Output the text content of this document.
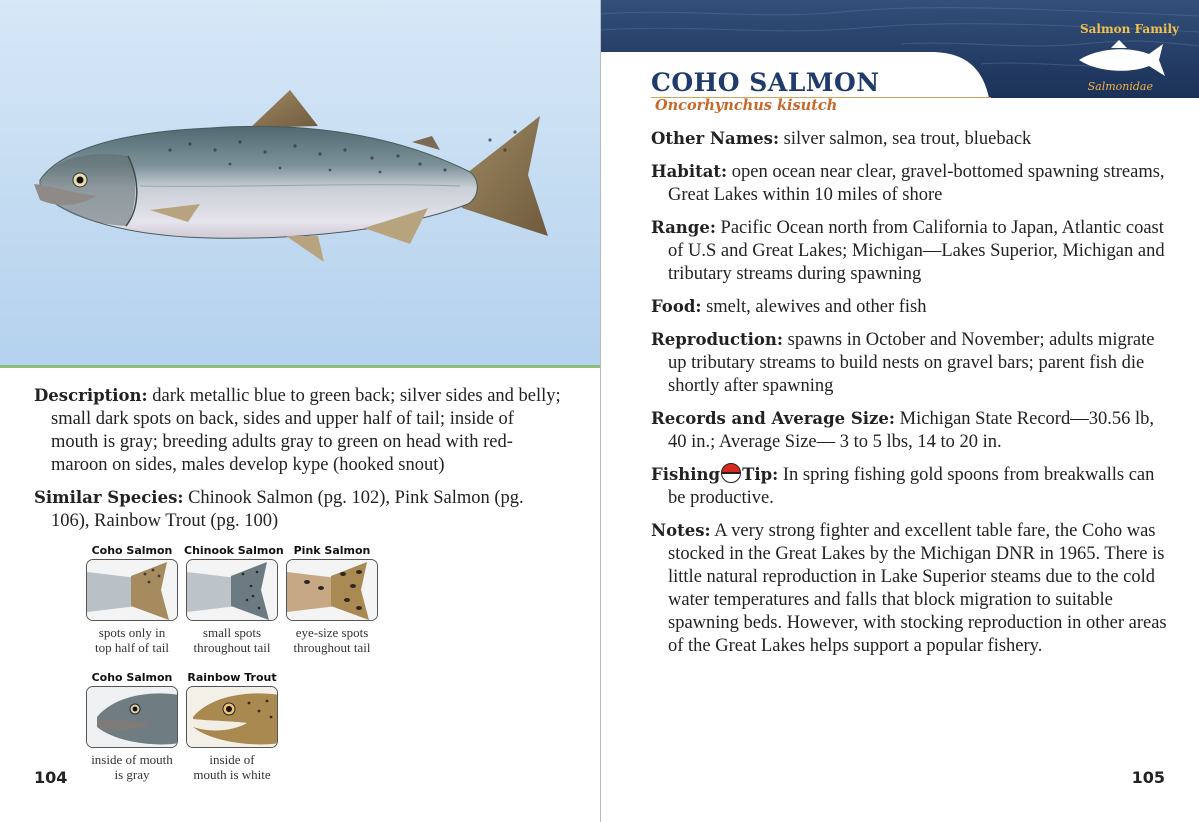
Description: dark metallic blue to green back; silver sides and belly; small dark spots on back, sides and upper half of tail; inside of mouth is gray; breeding adults gray to green on head with red-maroon on sides, males develop kype (hooked snout)

Similar Species: Chinook Salmon (pg. 102), Pink Salmon (pg. 106), Rainbow Trout (pg. 100)

Coho Salmon
spots only in
top half of tail
Chinook Salmon
small spots
throughout tail
Pink Salmon
eye-size spots
throughout tail
Coho Salmon
inside of mouth
is gray
Rainbow Trout
inside of
mouth is white
104
Salmon Family
Salmonidae
COHO SALMON
Oncorhynchus kisutch

Other Names: silver salmon, sea trout, blueback

Habitat: open ocean near clear, gravel-bottomed spawning streams, Great Lakes within 10 miles of shore

Range: Pacific Ocean north from California to Japan, Atlantic coast of U.S and Great Lakes; Michigan—Lakes Superior, Michigan and tributary streams during spawning

Food: smelt, alewives and other fish

Reproduction: spawns in October and November; adults migrate up tributary streams to build nests on gravel bars; parent fish die shortly after spawning

Records and Average Size: Michigan State Record—30.56 lb, 40 in.; Average Size— 3 to 5 lbs, 14 to 20 in.

Fishing Tip: In spring fishing gold spoons from breakwalls can be productive.

Notes: A very strong fighter and excellent table fare, the Coho was stocked in the Great Lakes by the Michigan DNR in 1965. There is little natural reproduction in Lake Superior steams due to the cold water temperatures and falls that block migration to suitable spawning beds. However, with stocking reproduction in other areas of the Great Lakes helps support a popular fishery.

105
